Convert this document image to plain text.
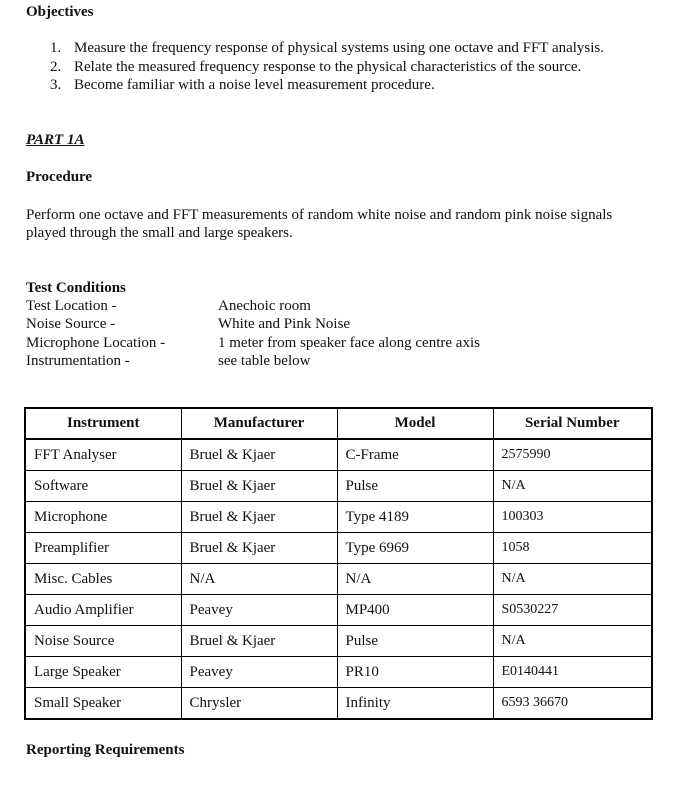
Objectives
1. Measure the frequency response of physical systems using one octave and FFT analysis.
2. Relate the measured frequency response to the physical characteristics of the source.
3. Become familiar with a noise level measurement procedure.
PART 1A
Procedure
Perform one octave and FFT measurements of random white noise and random pink noise signals played through the small and large speakers.
Test Conditions
Test Location -	Anechoic room
Noise Source -	White and Pink Noise
Microphone Location -	1 meter from speaker face along centre axis
Instrumentation -	see table below
Instrument	Manufacturer	Model	Serial Number
FFT Analyser	Bruel & Kjaer	C-Frame	2575990
Software	Bruel & Kjaer	Pulse	N/A
Microphone	Bruel & Kjaer	Type 4189	100303
Preamplifier	Bruel & Kjaer	Type 6969	1058
Misc. Cables	N/A	N/A	N/A
Audio Amplifier	Peavey	MP400	S0530227
Noise Source	Bruel & Kjaer	Pulse	N/A
Large Speaker	Peavey	PR10	E0140441
Small Speaker	Chrysler	Infinity	6593 36670
Reporting Requirements
